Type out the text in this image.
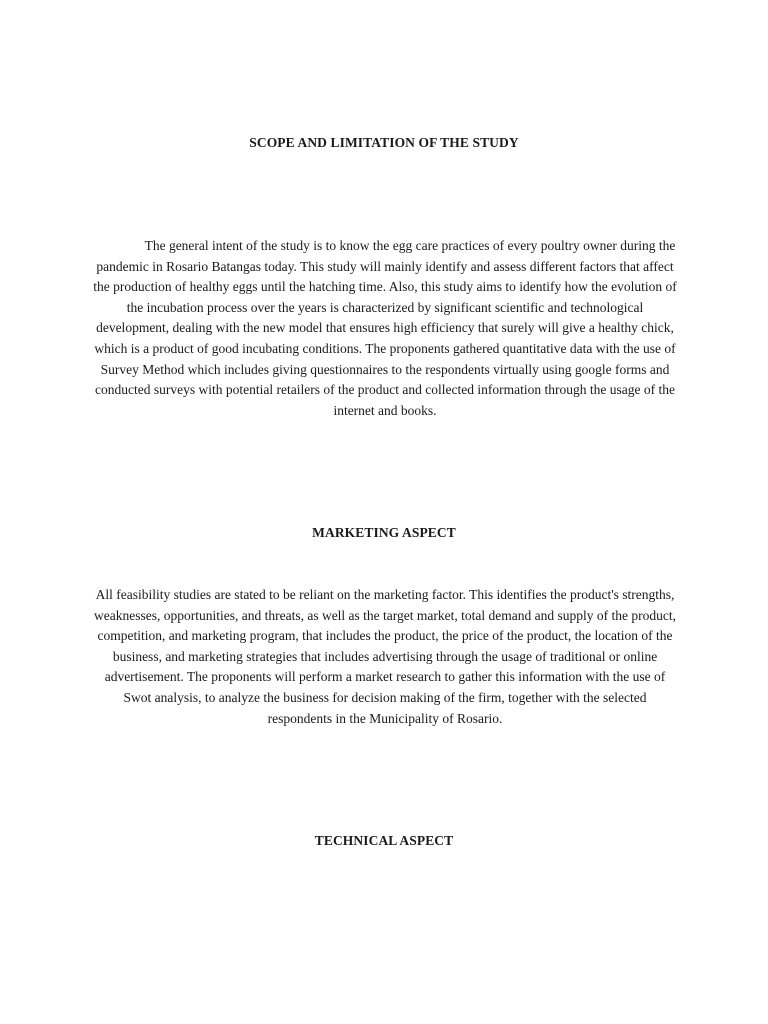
SCOPE AND LIMITATION OF THE STUDY

The general intent of the study is to know the egg care practices of every poultry owner during the pandemic in Rosario Batangas today. This study will mainly identify and assess different factors that affect the production of healthy eggs until the hatching time. Also, this study aims to identify how the evolution of the incubation process over the years is characterized by significant scientific and technological development, dealing with the new model that ensures high efficiency that surely will give a healthy chick, which is a product of good incubating conditions. The proponents gathered quantitative data with the use of Survey Method which includes giving questionnaires to the respondents virtually using google forms and conducted surveys with potential retailers of the product and collected information through the usage of the internet and books.

MARKETING ASPECT

All feasibility studies are stated to be reliant on the marketing factor. This identifies the product's strengths, weaknesses, opportunities, and threats, as well as the target market, total demand and supply of the product, competition, and marketing program, that includes the product, the price of the product, the location of the business, and marketing strategies that includes advertising through the usage of traditional or online advertisement. The proponents will perform a market research to gather this information with the use of Swot analysis, to analyze the business for decision making of the firm, together with the selected respondents in the Municipality of Rosario.

TECHNICAL ASPECT
